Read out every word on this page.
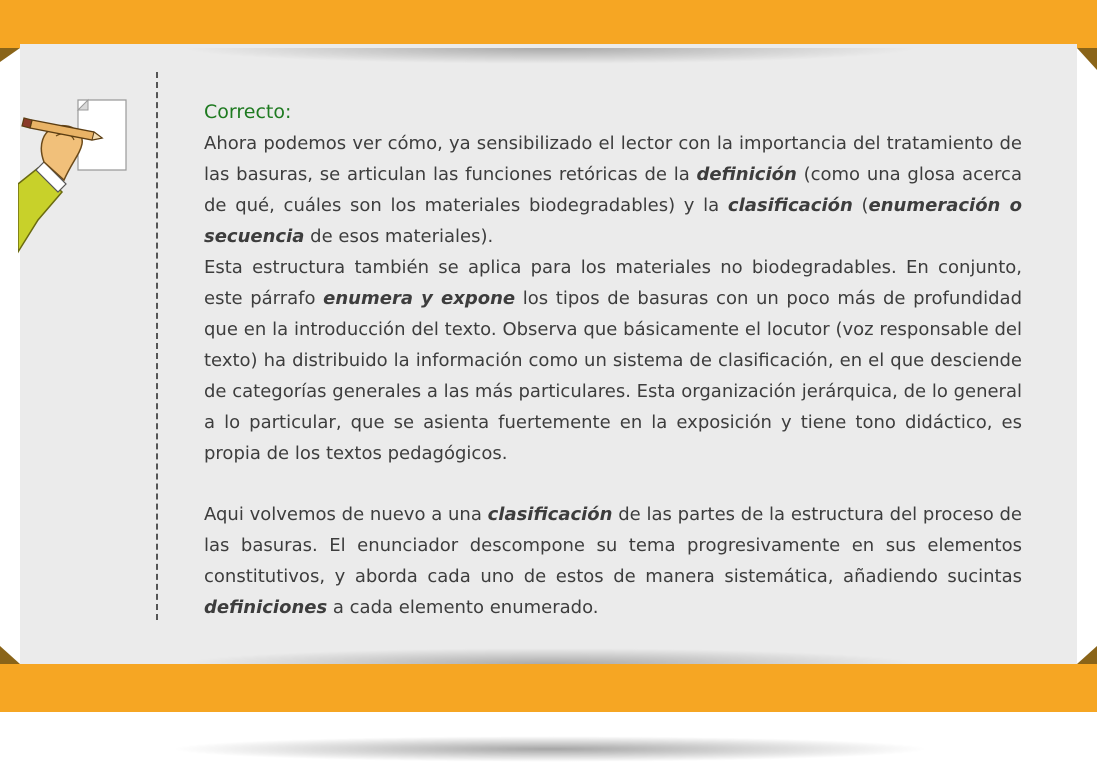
Correcto:

Ahora podemos ver cómo, ya sensibilizado el lector con la importancia del tratamiento de las basuras, se articulan las funciones retóricas de la definición (como una glosa acerca de qué, cuáles son los materiales biodegradables) y la clasificación (enumeración o secuencia de esos materiales).

Esta estructura también se aplica para los materiales no biodegradables. En conjunto, este párrafo enumera y expone los tipos de basuras con un poco más de profundidad que en la introducción del texto. Observa que básicamente el locutor (voz responsable del texto) ha distribuido la información como un sistema de clasificación, en el que desciende de categorías generales a las más particulares. Esta organización jerárquica, de lo general a lo particular, que se asienta fuertemente en la exposición y tiene tono didáctico, es propia de los textos pedagógicos.

Aqui volvemos de nuevo a una clasificación de las partes de la estructura del proceso de las basuras. El enunciador descompone su tema progresivamente en sus elementos constitutivos, y aborda cada uno de estos de manera sistemática, añadiendo sucintas definiciones a cada elemento enumerado.
